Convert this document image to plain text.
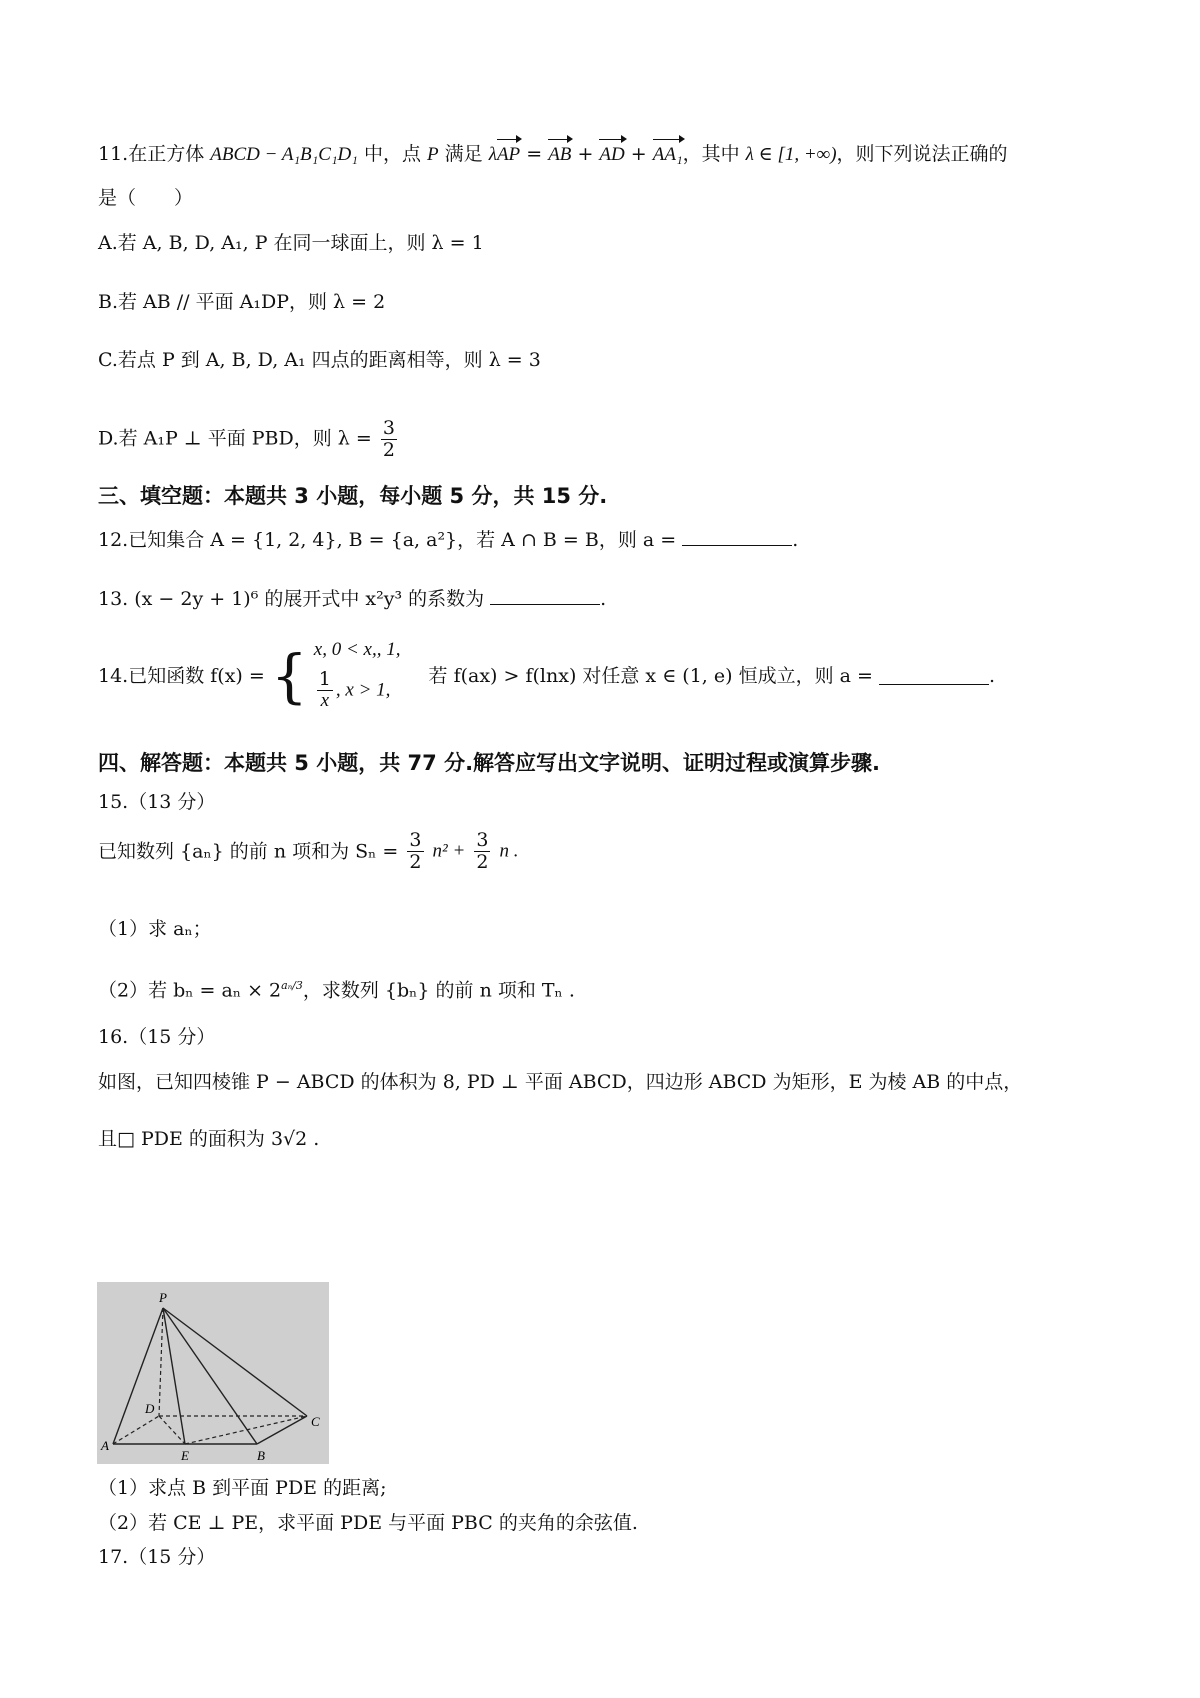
11.在正方体 ABCD − A₁B₁C₁D₁ 中，点 P 满足 λAP = AB + AD + AA₁，其中 λ ∈ [1, +∞)，则下列说法正确的
是（　　）
A.若 A, B, D, A₁, P 在同一球面上，则 λ = 1
B.若 AB // 平面 A₁DP，则 λ = 2
C.若点 P 到 A, B, D, A₁ 四点的距离相等，则 λ = 3
D.若 A₁P ⊥ 平面 PBD，则 $\lambda = \frac{3}{2}$
三、填空题：本题共 3 小题，每小题 5 分，共 15 分.
12.已知集合 A = {1, 2, 4}, B = {a, a²}，若 A ∩ B = B，则 a =	.
13. (x − 2y + 1)⁶ 的展开式中 x²y³ 的系数为	.
14.已知函数 f(x) = { x, 0 < x,, 1,
$\frac{1}{x}$ , x > 1,
若 f(ax) > f(lnx) 对任意 x ∈ (1, e) 恒成立，则 a =	.
四、解答题：本题共 5 小题，共 77 分.解答应写出文字说明、证明过程或演算步骤.
15.（13 分）
已知数列 {aₙ} 的前 n 项和为 $S_n = \frac{3}{2} n^2 + \frac{3}{2}$ n .
（1）求 aₙ；
（2）若 $b_n = a_n \times 2^{a_n/3}$，求数列 {bₙ} 的前 n 项和 Tₙ .
16.（15 分）
如图，已知四棱锥 P − ABCD 的体积为 8, PD ⊥ 平面 ABCD，四边形 ABCD 为矩形，E 为棱 AB 的中点，
且□ PDE 的面积为 3√2 .
P
D
C
A
E	B
（1）求点 B 到平面 PDE 的距离;
（2）若 CE ⊥ PE，求平面 PDE 与平面 PBC 的夹角的余弦值.
17.（15 分）
